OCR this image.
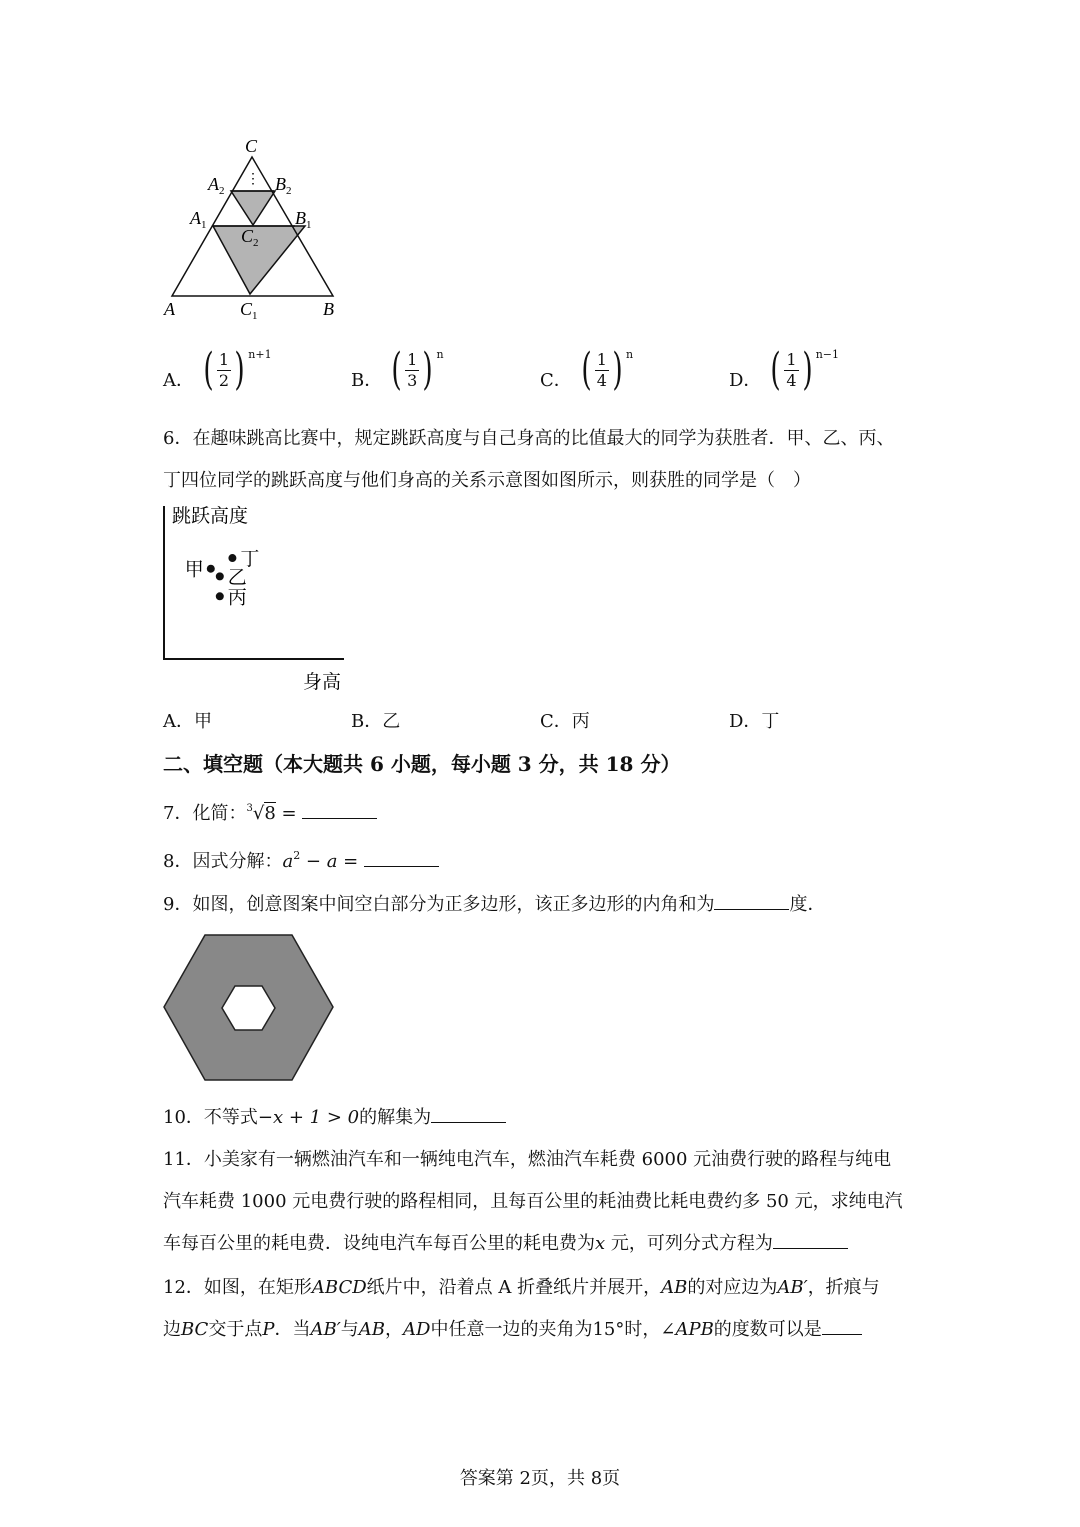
C
⋮
$A_2$	$B_2$
$A_1$	$B_1$
$C_2$
A	$C_1$	B
A． ( $\frac{1}{2}$ ) n+1
B． ( $\frac{1}{3}$ ) n
C． ( $\frac{1}{4}$ ) n
D． ( $\frac{1}{4}$ ) n−1
6．在趣味跳高比赛中，规定跳跃高度与自己身高的比值最大的同学为获胜者．甲、乙、丙、
丁四位同学的跳跃高度与他们身高的关系示意图如图所示，则获胜的同学是（　）
跳跃高度
身高
甲 乙
丙
丁
A．甲	B．乙	C．丙	D．丁
二、填空题（本大题共 6 小题，每小题 3 分，共 18 分）
7．化简：$^3$√8 =
8．因式分解：$a^2 - a$ =
9．如图，创意图案中间空白部分为正多边形，该正多边形的内角和为	度．
10．不等式−x + 1 > 0的解集为
11．小美家有一辆燃油汽车和一辆纯电汽车，燃油汽车耗费 6000 元油费行驶的路程与纯电
汽车耗费 1000 元电费行驶的路程相同，且每百公里的耗油费比耗电费约多 50 元，求纯电汽
车每百公里的耗电费．设纯电汽车每百公里的耗电费为x 元，可列分式方程为
12．如图，在矩形ABCD纸片中，沿着点 A 折叠纸片并展开，AB的对应边为AB′，折痕与
边BC交于点P．当AB′与AB，AD中任意一边的夹角为15°时，∠APB的度数可以是
答案第 2页，共 8页
